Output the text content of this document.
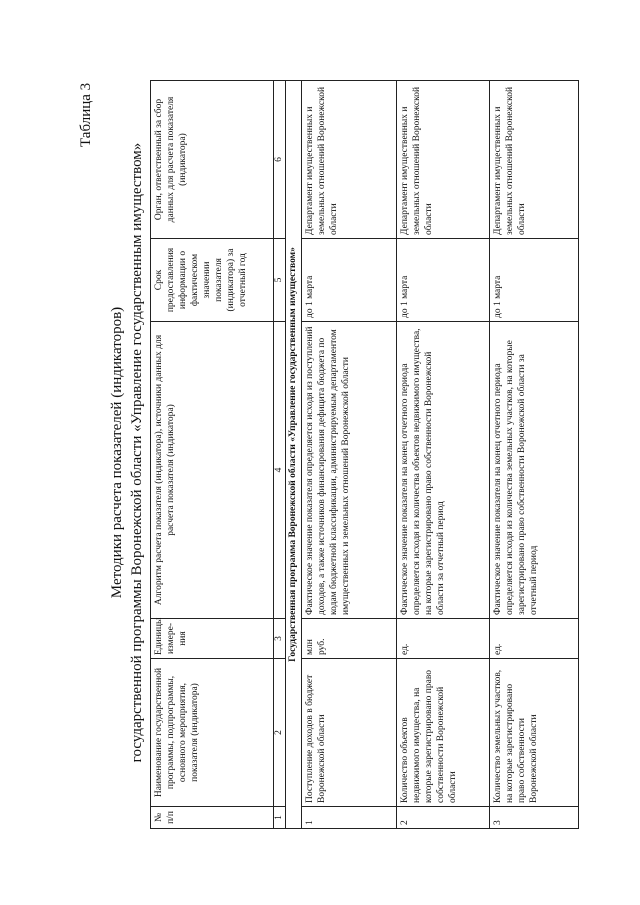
Таблица 3
Методики расчета показателей (индикаторов) государственной программы Воронежской области «Управление государственным имуществом»
№ п/п	Наименование государственной программы, подпрограммы, основного мероприятия, показателя (индикатора)	Единицы измере-ния	Алгоритм расчета показателя (индикатора), источники данных для расчета показателя (индикатора)	Срок предоставления информации о фактическом значении показателя (индикатора) за отчетный год	Орган, ответственный за сбор данных для расчета показателя (индикатора)
1	2	3	4	5	6
Государственная программа Воронежской области «Управление государственным имуществом»					
1	Поступление доходов в бюджет Воронежской области	млн руб.	Фактическое значение показателя определяется исходя из поступлений доходов, а также источников финансирования дефицита бюджета по кодам бюджетной классификации, администрируемым департаментом имущественных и земельных отношений Воронежской области	до 1 марта	Департамент имущественных и земельных отношений Воронежской области
2	Количество объектов недвижимого имущества, на которые зарегистрировано право собственности Воронежской области	ед.	Фактическое значение показателя на конец отчетного периода определяется исходя из количества объектов недвижимого имущества, на которые зарегистрировано право собственности Воронежской области за отчетный период	до 1 марта	Департамент имущественных и земельных отношений Воронежской области
3	Количество земельных участков, на которые зарегистрировано право собственности Воронежской области	ед.	Фактическое значение показателя на конец отчетного периода определяется исходя из количества земельных участков, на которые зарегистрировано право собственности Воронежской области за отчетный период	до 1 марта	Департамент имущественных и земельных отношений Воронежской области
